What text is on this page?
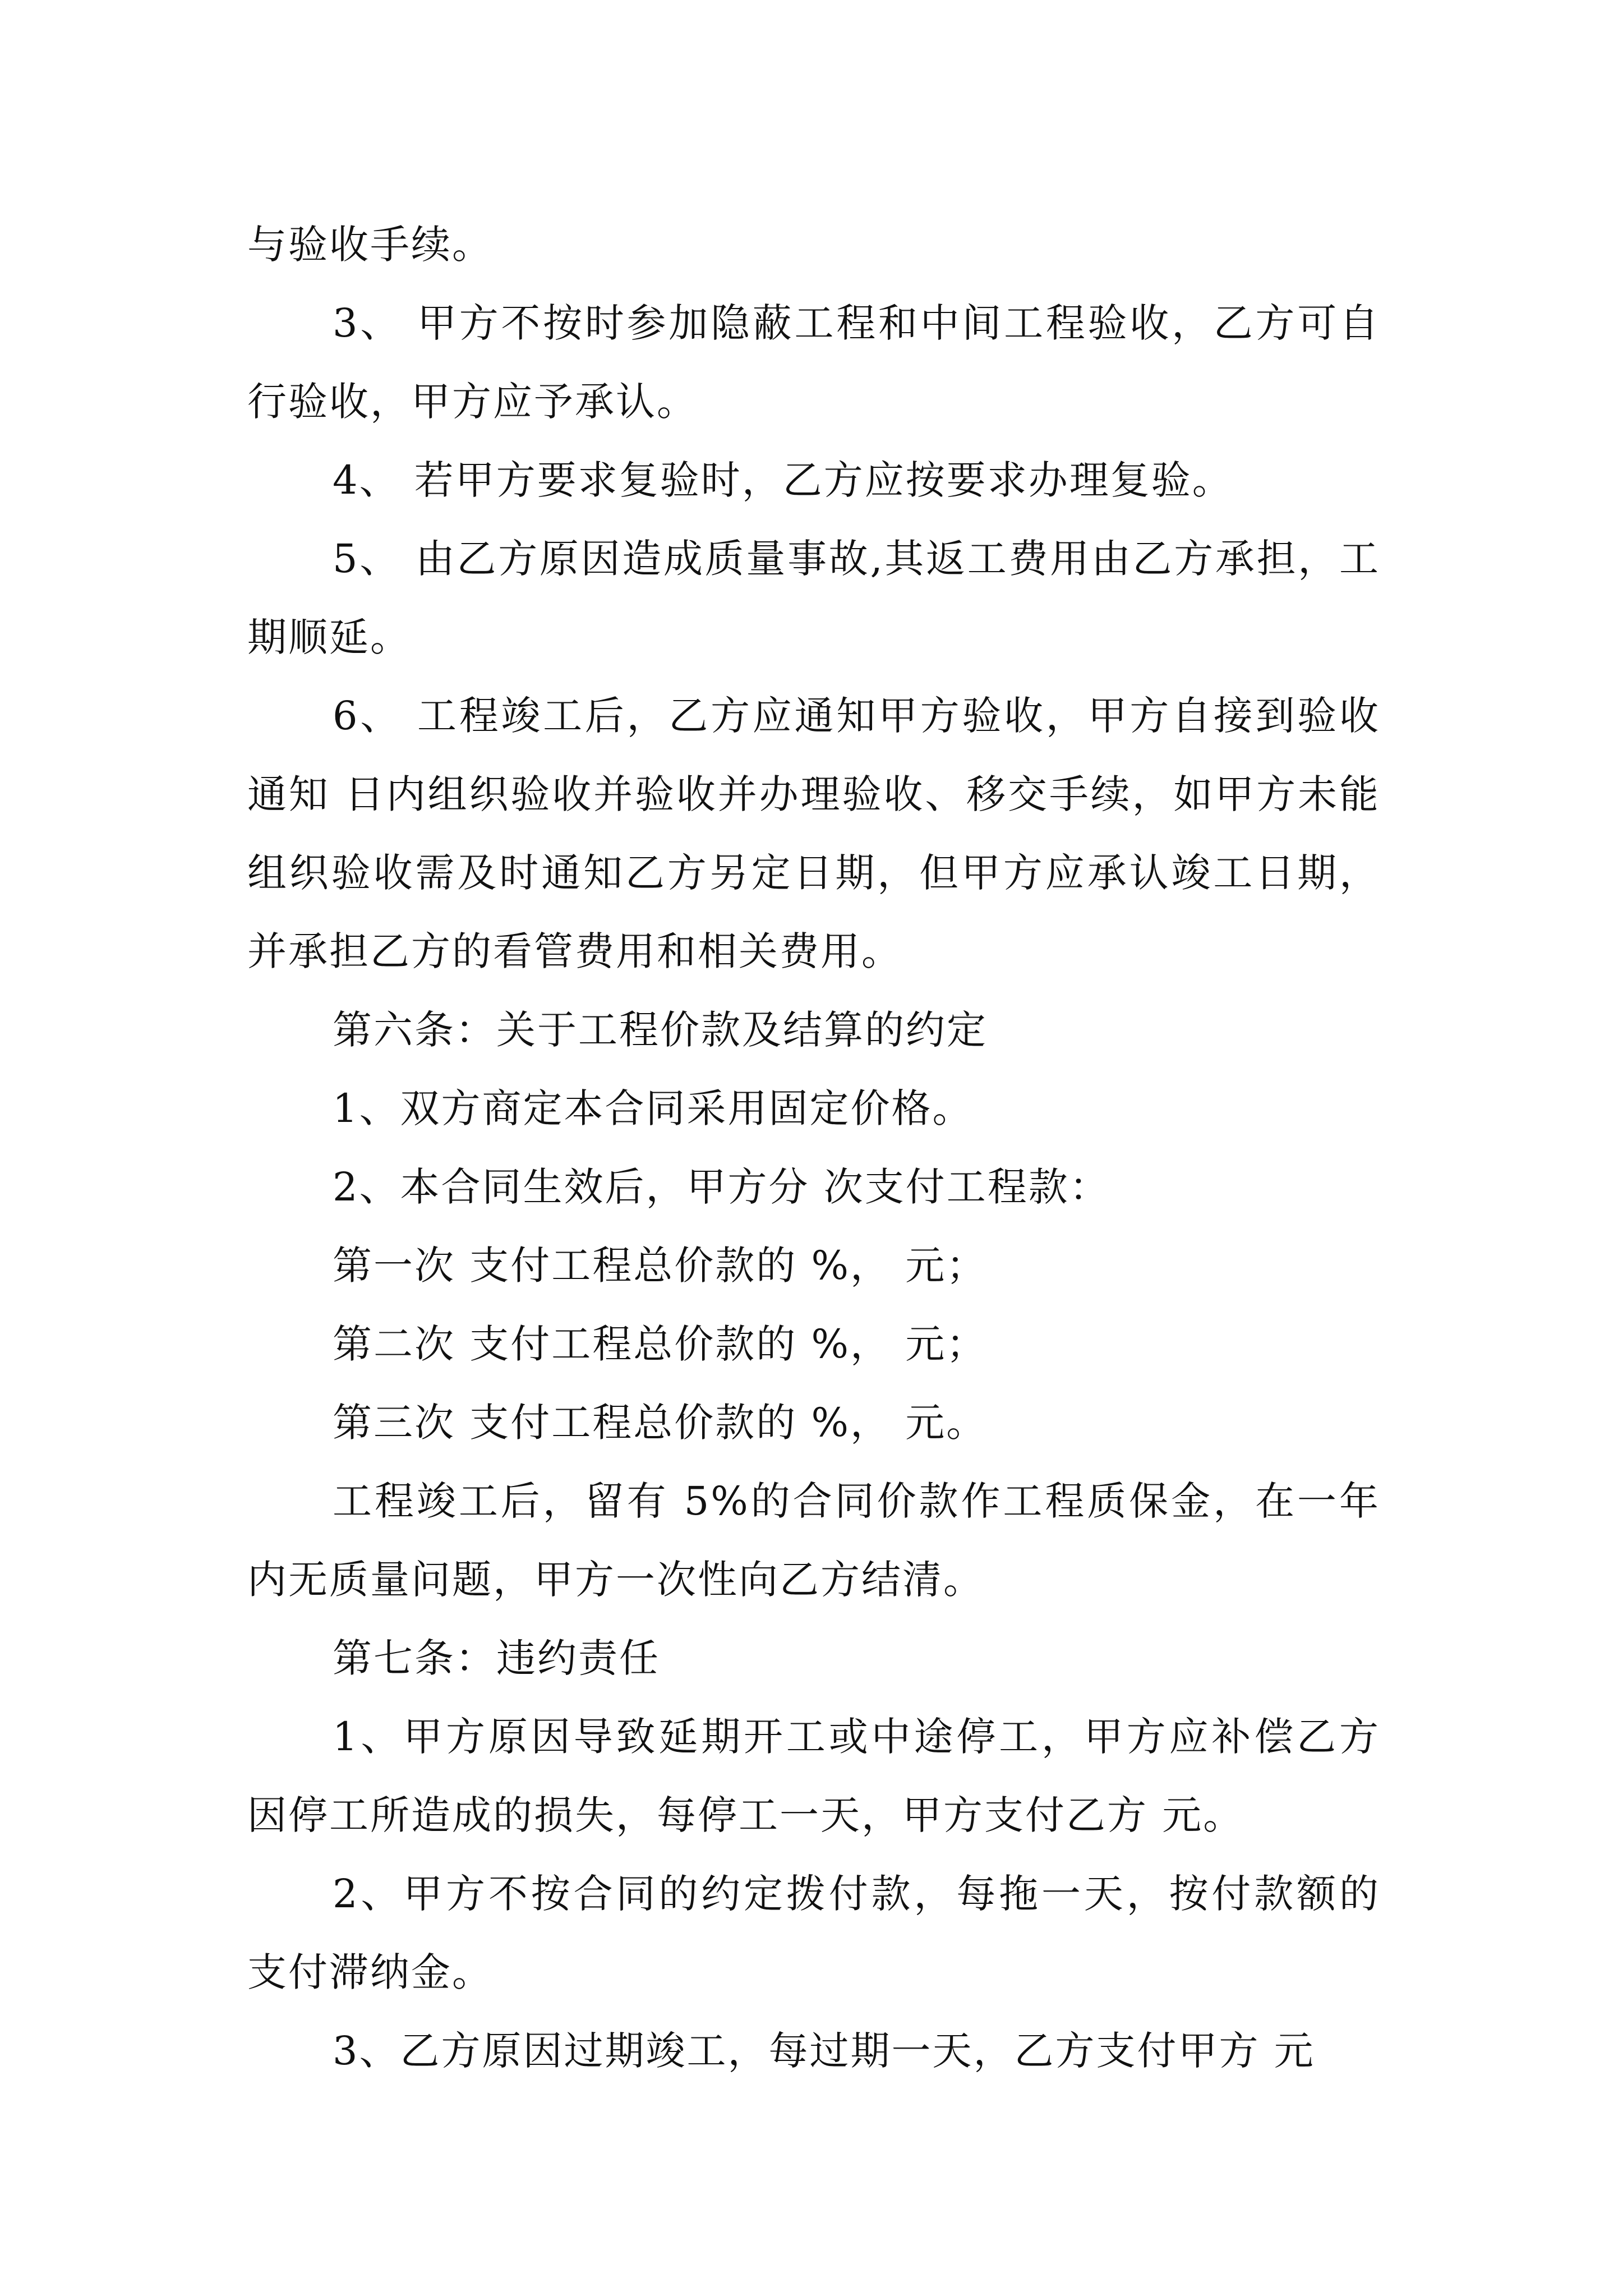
与验收手续。

3、 甲方不按时参加隐蔽工程和中间工程验收，乙方可自行验收，甲方应予承认。

4、 若甲方要求复验时，乙方应按要求办理复验。

5、 由乙方原因造成质量事故,其返工费用由乙方承担，工期顺延。

6、 工程竣工后，乙方应通知甲方验收，甲方自接到验收通知 日内组织验收并验收并办理验收、移交手续，如甲方未能组织验收需及时通知乙方另定日期，但甲方应承认竣工日期，并承担乙方的看管费用和相关费用。

第六条：关于工程价款及结算的约定

1、双方商定本合同采用固定价格。

2、本合同生效后，甲方分 次支付工程款：

第一次 支付工程总价款的 %， 元；

第二次 支付工程总价款的 %， 元；

第三次 支付工程总价款的 %， 元。

工程竣工后，留有 5%的合同价款作工程质保金，在一年内无质量问题，甲方一次性向乙方结清。

第七条：违约责任

1、甲方原因导致延期开工或中途停工，甲方应补偿乙方因停工所造成的损失，每停工一天，甲方支付乙方 元。

2、甲方不按合同的约定拨付款，每拖一天，按付款额的支付滞纳金。

3、乙方原因过期竣工，每过期一天，乙方支付甲方 元
